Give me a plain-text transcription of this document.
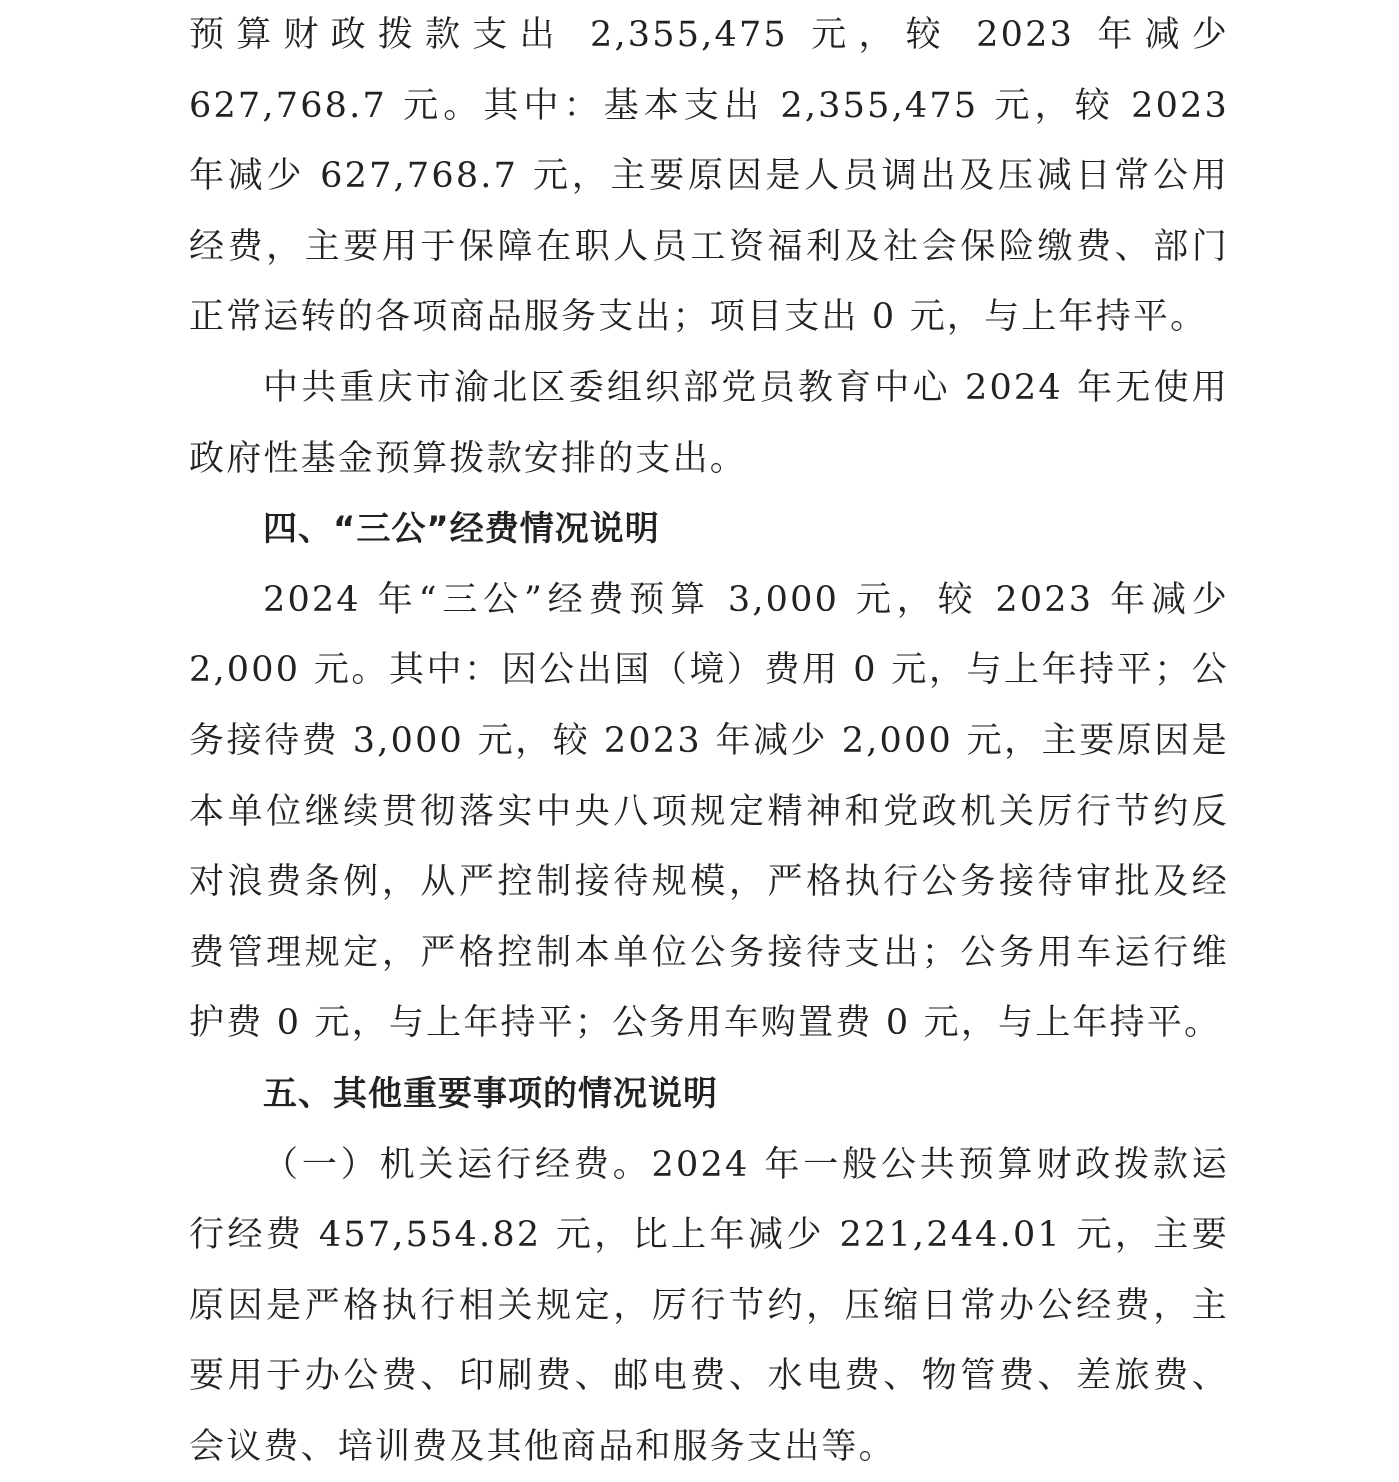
预算财政拨款支出 2,355,475 元，较 2023 年减少 627,768.7 元。其中：基本支出 2,355,475 元，较 2023 年减少 627,768.7 元，主要原因是人员调出及压减日常公用经费，主要用于保障在职人员工资福利及社会保险缴费、部门正常运转的各项商品服务支出；项目支出 0 元，与上年持平。

中共重庆市渝北区委组织部党员教育中心 2024 年无使用政府性基金预算拨款安排的支出。

四、“三公”经费情况说明

2024 年“三公”经费预算 3,000 元，较 2023 年减少 2,000 元。其中：因公出国（境）费用 0 元，与上年持平；公务接待费 3,000 元，较 2023 年减少 2,000 元，主要原因是本单位继续贯彻落实中央八项规定精神和党政机关厉行节约反对浪费条例，从严控制接待规模，严格执行公务接待审批及经费管理规定，严格控制本单位公务接待支出；公务用车运行维护费 0 元，与上年持平；公务用车购置费 0 元，与上年持平。

五、其他重要事项的情况说明

（一）机关运行经费。2024 年一般公共预算财政拨款运行经费 457,554.82 元，比上年减少 221,244.01 元，主要原因是严格执行相关规定，厉行节约，压缩日常办公经费，主要用于办公费、印刷费、邮电费、水电费、物管费、差旅费、会议费、培训费及其他商品和服务支出等。
